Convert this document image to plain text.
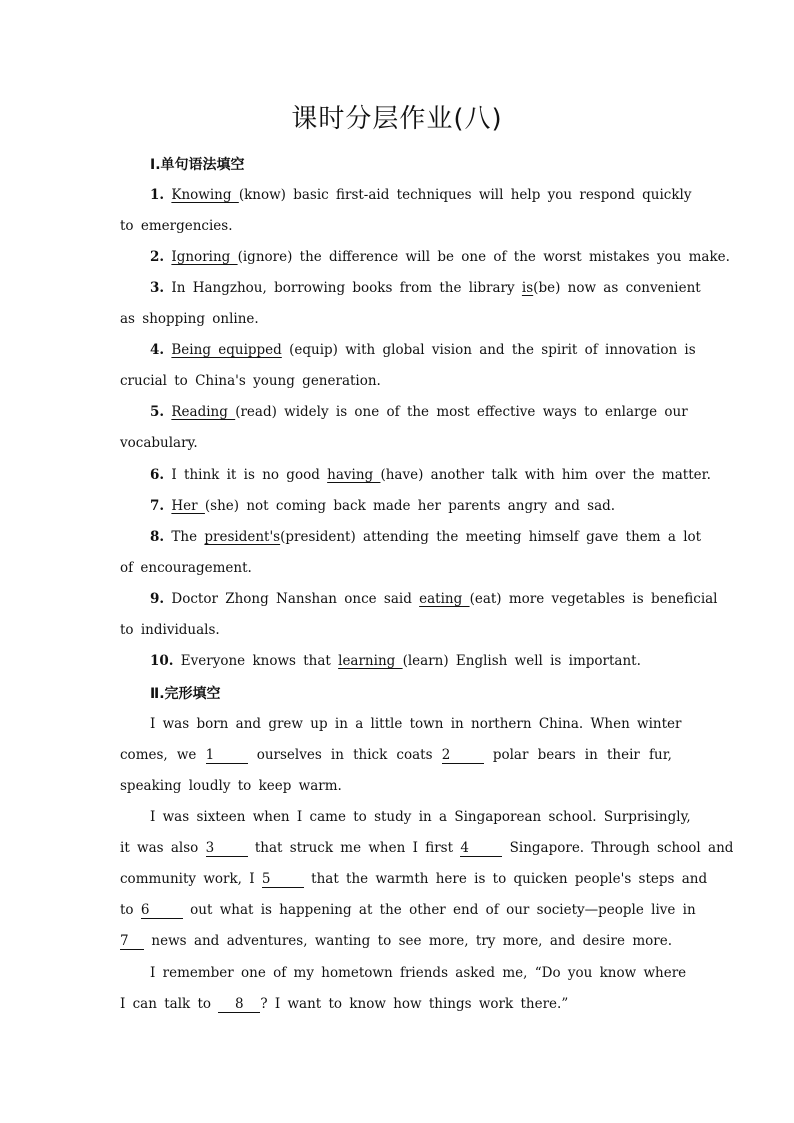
课时分层作业(八)
Ⅰ.单句语法填空
1. Knowing (know) basic first-aid techniques will help you respond quickly
to emergencies.
2. Ignoring (ignore) the difference will be one of the worst mistakes you make.
3. In Hangzhou, borrowing books from the library is(be) now as convenient
as shopping online.
4. Being equipped (equip) with global vision and the spirit of innovation is
crucial to China's young generation.
5. Reading (read) widely is one of the most effective ways to enlarge our
vocabulary.
6. I think it is no good having (have) another talk with him over the matter.
7. Her (she) not coming back made her parents angry and sad.
8. The president's(president) attending the meeting himself gave them a lot
of encouragement.
9. Doctor Zhong Nanshan once said eating (eat) more vegetables is beneficial
to individuals.
10. Everyone knows that learning (learn) English well is important.
Ⅱ.完形填空
I was born and grew up in a little town in northern China. When winter
comes, we 1	ourselves in thick coats 2	polar bears in their fur,
speaking loudly to keep warm.
I was sixteen when I came to study in a Singaporean school. Surprisingly,
it was also 3	that struck me when I first 4	Singapore. Through school and
community work, I 5	that the warmth here is to quicken people's steps and
to 6	out what is happening at the other end of our society—people live in
7 news and adventures, wanting to see more, try more, and desire more.
I remember one of my hometown friends asked me, “Do you know where
I can talk to 8 ? I want to know how things work there.”
